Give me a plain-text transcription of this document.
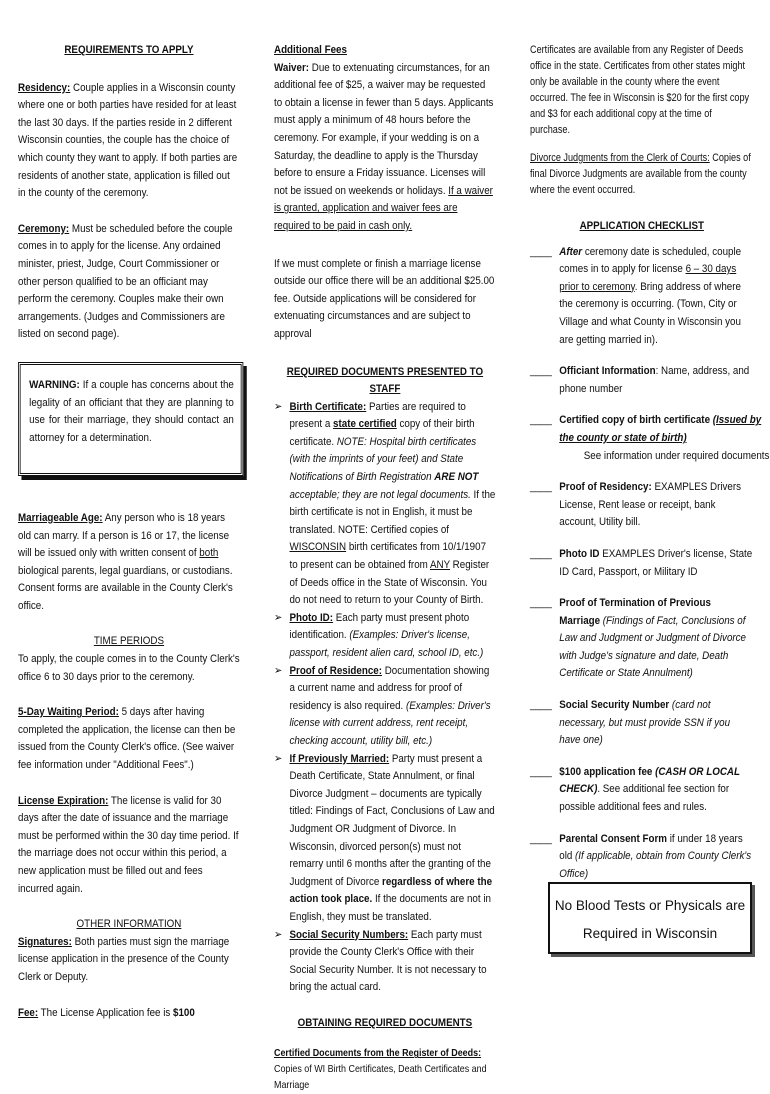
REQUIREMENTS TO APPLY

Residency: Couple applies in a Wisconsin county where one or both parties have resided for at least the last 30 days. If the parties reside in 2 different Wisconsin counties, the couple has the choice of which county they want to apply. If both parties are residents of another state, application is filled out in the county of the ceremony.

Ceremony: Must be scheduled before the couple comes in to apply for the license. Any ordained minister, priest, Judge, Court Commissioner or other person qualified to be an officiant may perform the ceremony. Couples make their own arrangements. (Judges and Commissioners are listed on second page).

WARNING: If a couple has concerns about the legality of an officiant that they are planning to use for their marriage, they should contact an attorney for a determination.

Marriageable Age: Any person who is 18 years old can marry. If a person is 16 or 17, the license will be issued only with written consent of both biological parents, legal guardians, or custodians. Consent forms are available in the County Clerk's office.

TIME PERIODS

To apply, the couple comes in to the County Clerk's office 6 to 30 days prior to the ceremony.

5-Day Waiting Period: 5 days after having completed the application, the license can then be issued from the County Clerk's office. (See waiver fee information under "Additional Fees".)

License Expiration: The license is valid for 30 days after the date of issuance and the marriage must be performed within the 30 day time period. If the marriage does not occur within this period, a new application must be filled out and fees incurred again.

OTHER INFORMATION

Signatures: Both parties must sign the marriage license application in the presence of the County Clerk or Deputy.

Fee: The License Application fee is $100

Additional Fees

Waiver: Due to extenuating circumstances, for an additional fee of $25, a waiver may be requested to obtain a license in fewer than 5 days. Applicants must apply a minimum of 48 hours before the ceremony. For example, if your wedding is on a Saturday, the deadline to apply is the Thursday before to ensure a Friday issuance. Licenses will not be issued on weekends or holidays. If a waiver is granted, application and waiver fees are required to be paid in cash only.

If we must complete or finish a marriage license outside our office there will be an additional $25.00 fee. Outside applications will be considered for extenuating circumstances and are subject to approval

REQUIRED DOCUMENTS PRESENTED TO STAFF

➢ Birth Certificate: Parties are required to present a state certified copy of their birth certificate. NOTE: Hospital birth certificates (with the imprints of your feet) and State Notifications of Birth Registration ARE NOT acceptable; they are not legal documents. If the birth certificate is not in English, it must be translated. NOTE: Certified copies of WISCONSIN birth certificates from 10/1/1907 to present can be obtained from ANY Register of Deeds office in the State of Wisconsin. You do not need to return to your County of Birth.
➢ Photo ID: Each party must present photo identification. (Examples: Driver's license, passport, resident alien card, school ID, etc.)
➢ Proof of Residence: Documentation showing a current name and address for proof of residency is also required. (Examples: Driver's license with current address, rent receipt, checking account, utility bill, etc.)
➢ If Previously Married: Party must present a Death Certificate, State Annulment, or final Divorce Judgment – documents are typically titled: Findings of Fact, Conclusions of Law and Judgment OR Judgment of Divorce. In Wisconsin, divorced person(s) must not remarry until 6 months after the granting of the Judgment of Divorce regardless of where the action took place. If the documents are not in English, they must be translated.
➢ Social Security Numbers: Each party must provide the County Clerk's Office with their Social Security Number. It is not necessary to bring the actual card.

OBTAINING REQUIRED DOCUMENTS

Certified Documents from the Register of Deeds: Copies of WI Birth Certificates, Death Certificates and Marriage

Certificates are available from any Register of Deeds office in the state. Certificates from other states might only be available in the county where the event occurred. The fee in Wisconsin is $20 for the first copy and $3 for each additional copy at the time of purchase.

Divorce Judgments from the Clerk of Courts: Copies of final Divorce Judgments are available from the county where the event occurred.

APPLICATION CHECKLIST

____ After ceremony date is scheduled, couple comes in to apply for license 6 – 30 days prior to ceremony. Bring address of where the ceremony is occurring. (Town, City or Village and what County in Wisconsin you are getting married in).
____ Officiant Information: Name, address, and phone number
____ Certified copy of birth certificate (Issued by the county or state of birth)         See information under required documents
____ Proof of Residency: EXAMPLES Drivers License, Rent lease or receipt, bank account, Utility bill.
____ Photo ID EXAMPLES Driver's license, State ID Card, Passport, or Military ID
____ Proof of Termination of Previous Marriage (Findings of Fact, Conclusions of Law and Judgment or Judgment of Divorce with Judge's signature and date, Death Certificate or State Annulment)
____ Social Security Number (card not necessary, but must provide SSN if you have one)
____ $100 application fee (CASH OR LOCAL CHECK). See additional fee section for possible additional fees and rules.
____ Parental Consent Form if under 18 years old (If applicable, obtain from County Clerk's Office)
No Blood Tests or Physicals are
Required in Wisconsin
